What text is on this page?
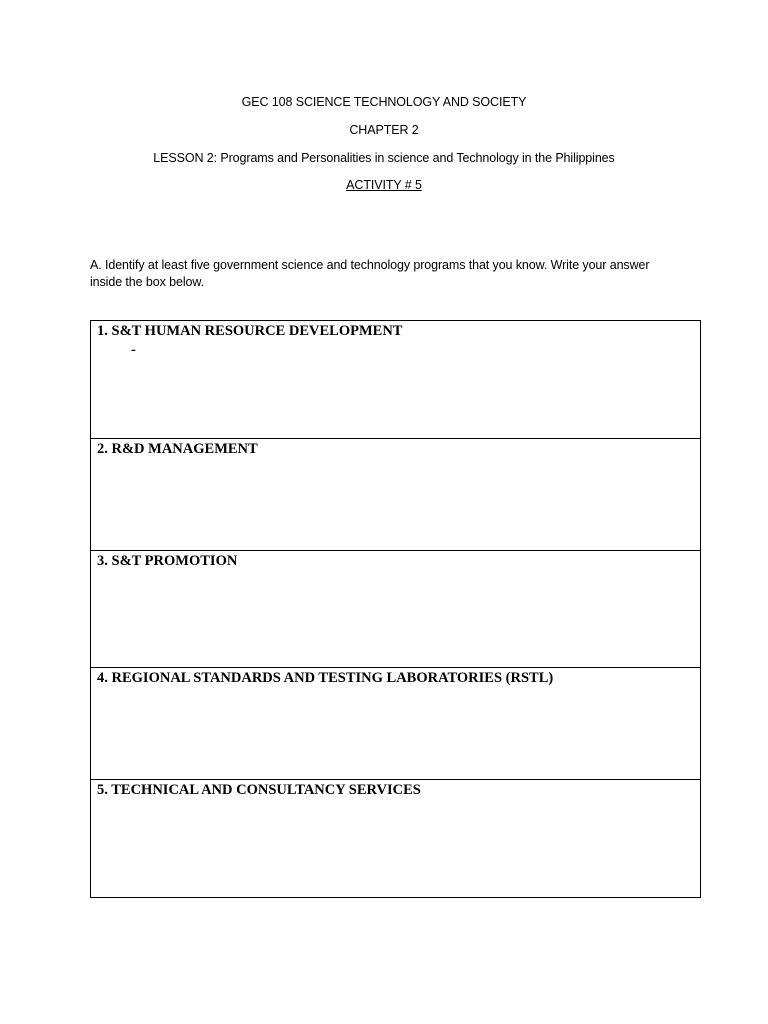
GEC 108 SCIENCE TECHNOLOGY AND SOCIETY
CHAPTER 2
LESSON 2: Programs and Personalities in science and Technology in the Philippines
ACTIVITY # 5
A. Identify at least five government science and technology programs that you know. Write your answer
inside the box below.
1. S&T HUMAN RESOURCE DEVELOPMENT
-
2. R&D MANAGEMENT
3. S&T PROMOTION
4. REGIONAL STANDARDS AND TESTING LABORATORIES (RSTL)
5. TECHNICAL AND CONSULTANCY SERVICES
